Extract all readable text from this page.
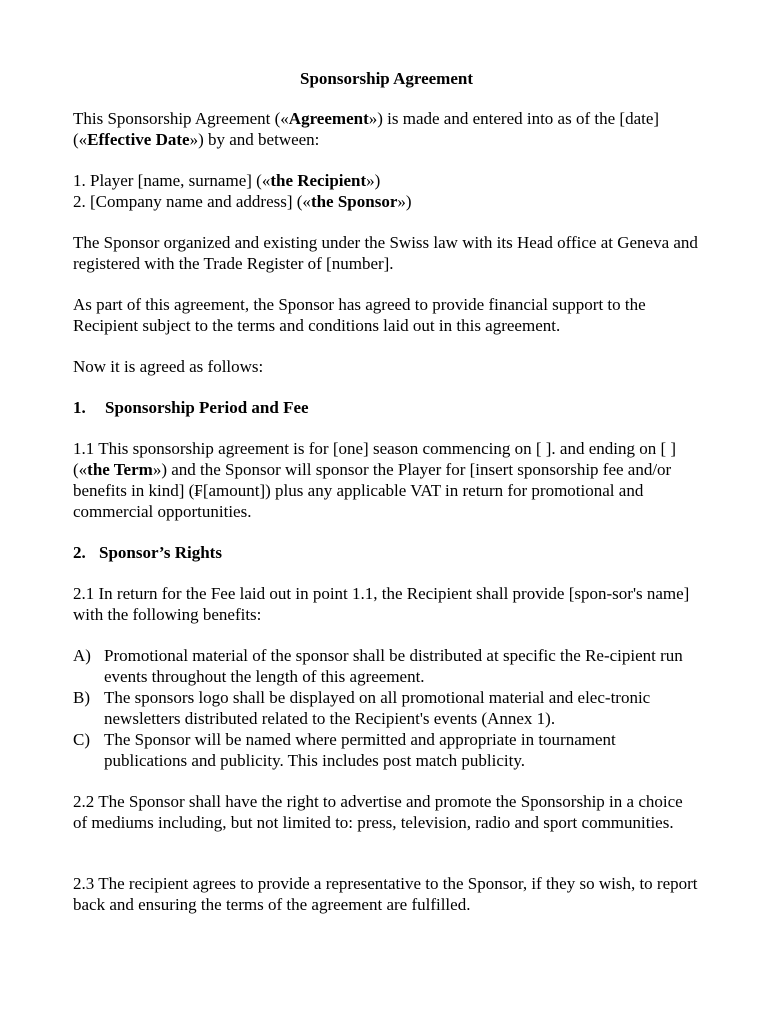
Sponsorship Agreement

This Sponsorship Agreement («Agreement») is made and entered into as of the [date] («Effective Date») by and between:

1. Player [name, surname] («the Recipient»)
2. [Company name and address] («the Sponsor»)

The Sponsor organized and existing under the Swiss law with its Head office at Geneva and registered with the Trade Register of [number].

As part of this agreement, the Sponsor has agreed to provide financial support to the Recipient subject to the terms and conditions laid out in this agreement.

Now it is agreed as follows:

1. Sponsorship Period and Fee

1.1 This sponsorship agreement is for [one] season commencing on [ ]. and ending on [ ] («the Term») and the Sponsor will sponsor the Player for [insert sponsorship fee and/or benefits in kind] (₣[amount]) plus any applicable VAT in return for promotional and commercial opportunities.

2. Sponsor’s Rights

2.1 In return for the Fee laid out in point 1.1, the Recipient shall provide [spon-sor's name] with the following benefits:

A) Promotional material of the sponsor shall be distributed at specific the Re-cipient run events throughout the length of this agreement.
B) The sponsors logo shall be displayed on all promotional material and elec-tronic newsletters distributed related to the Recipient's events (Annex 1).
C) The Sponsor will be named where permitted and appropriate in tournament publications and publicity. This includes post match publicity.

2.2 The Sponsor shall have the right to advertise and promote the Sponsorship in a choice of mediums including, but not limited to: press, television, radio and sport communities.

2.3 The recipient agrees to provide a representative to the Sponsor, if they so wish, to report back and ensuring the terms of the agreement are fulfilled.
